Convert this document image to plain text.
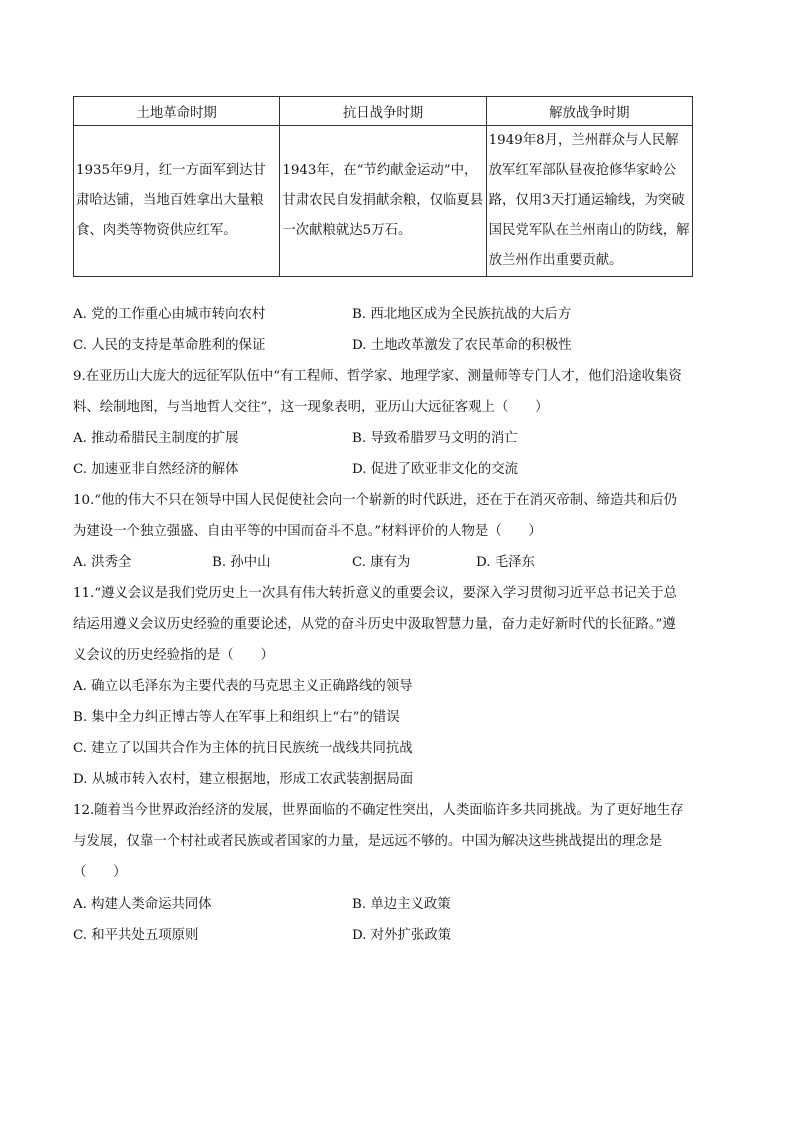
土地革命时期	抗日战争时期	解放战争时期
1935年9月，红一方面军到达甘肃哈达铺，当地百姓拿出大量粮食、肉类等物资供应红军。	1943年，在“节约献金运动”中，甘肃农民自发捐献余粮，仅临夏县一次献粮就达5万石。	1949年8月，兰州群众与人民解放军红军部队昼夜抢修华家岭公路，仅用3天打通运输线，为突破国民党军队在兰州南山的防线，解放兰州作出重要贡献。
A. 党的工作重心由城市转向农村	B. 西北地区成为全民族抗战的大后方
C. 人民的支持是革命胜利的保证	D. 土地改革激发了农民革命的积极性
9.在亚历山大庞大的远征军队伍中“有工程师、哲学家、地理学家、测量师等专门人才，他们沿途收集资
料、绘制地图，与当地哲人交往”，这一现象表明，亚历山大远征客观上（　　）
A. 推动希腊民主制度的扩展	B. 导致希腊罗马文明的消亡
C. 加速亚非自然经济的解体	D. 促进了欧亚非文化的交流
10.“他的伟大不只在领导中国人民促使社会向一个崭新的时代跃进，还在于在消灭帝制、缔造共和后仍
为建设一个独立强盛、自由平等的中国而奋斗不息。”材料评价的人物是（　　）
A. 洪秀全	B. 孙中山	C. 康有为	D. 毛泽东
11.“遵义会议是我们党历史上一次具有伟大转折意义的重要会议，要深入学习贯彻习近平总书记关于总
结运用遵义会议历史经验的重要论述，从党的奋斗历史中汲取智慧力量，奋力走好新时代的长征路。”遵
义会议的历史经验指的是（　　）
A. 确立以毛泽东为主要代表的马克思主义正确路线的领导
B. 集中全力纠正博古等人在军事上和组织上“右”的错误
C. 建立了以国共合作为主体的抗日民族统一战线共同抗战
D. 从城市转入农村，建立根据地，形成工农武装割据局面
12.随着当今世界政治经济的发展，世界面临的不确定性突出，人类面临许多共同挑战。为了更好地生存
与发展，仅靠一个村社或者民族或者国家的力量，是远远不够的。中国为解决这些挑战提出的理念是
（　　）
A. 构建人类命运共同体	B. 单边主义政策
C. 和平共处五项原则	D. 对外扩张政策
